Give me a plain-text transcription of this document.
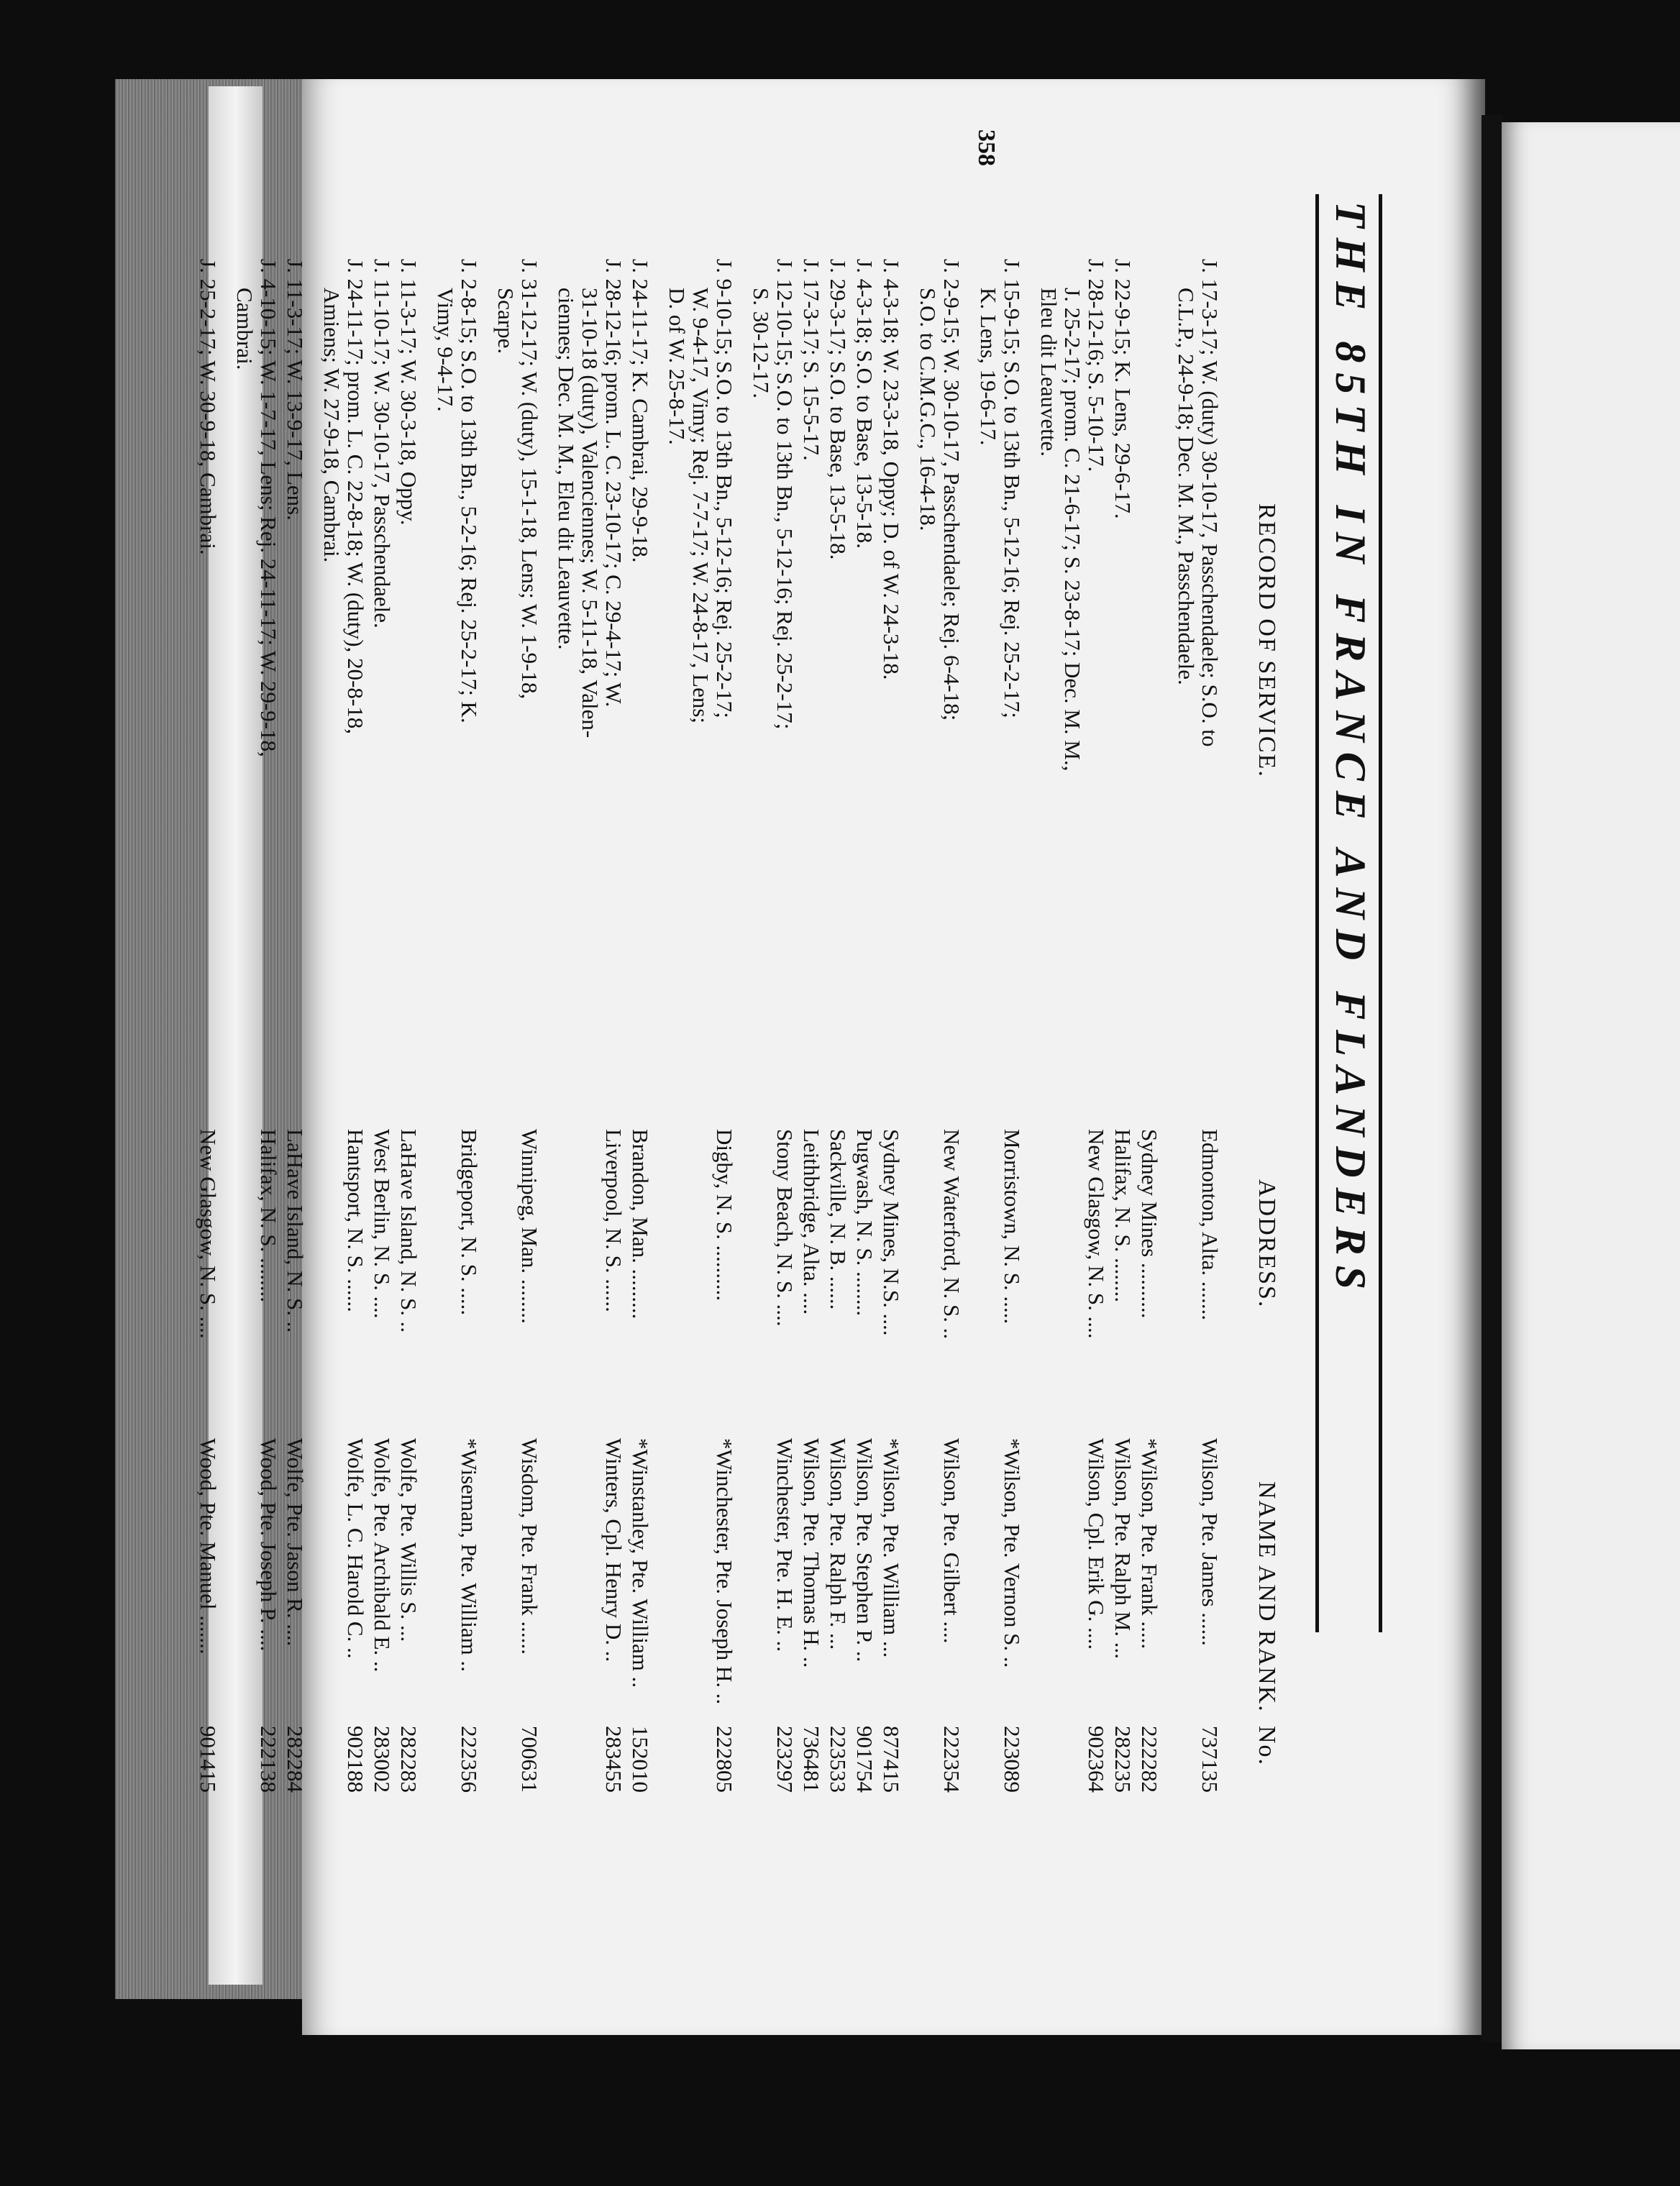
THE 85TH IN FRANCE AND FLANDERS
No.
NAME AND RANK.
ADDRESS.
RECORD OF SERVICE.
737135
Wilson, Pte. James ......
Edmonton, Alta. .......
J. 17-3-17; W. (duty) 30-10-17, Passchendaele; S.O. to
C.L.P., 24-9-18; Dec. M. M., Passchendaele.
222282
*Wilson, Pte. Frank .....
Sydney Mines ..........
282235
Wilson, Pte. Ralph M. ...
Halifax, N. S. ........
J. 22-9-15; K. Lens, 29-6-17.
902364
Wilson, Cpl. Erik G. ....
New Glasgow, N. S. ....
J. 28-12-16; S. 5-10-17.
J. 25-2-17; prom. C. 21-6-17; S. 23-8-17; Dec. M. M.,
Eleu dit Leauvette.
223089
*Wilson, Pte. Vernon S. ..
Morristown, N. S. .....
J. 15-9-15; S.O. to 13th Bn., 5-12-16; Rej. 25-2-17;
K. Lens, 19-6-17.
222354
Wilson, Pte. Gilbert ....
New Waterford, N. S. ..
J. 2-9-15; W. 30-10-17, Passchendaele; Rej. 6-4-18;
S.O. to C.M.G.C., 16-4-18.
877415
*Wilson, Pte. William ...
Sydney Mines, N.S. ....
J. 4-3-18; W. 23-3-18, Oppy; D. of W. 24-3-18.
901754
Wilson, Pte. Stephen P. ..
Pugwash, N. S. ........
J. 4-3-18; S.O. to Base, 13-5-18.
223533
Wilson, Pte. Ralph F. ...
Sackville, N. B. ......
J. 29-3-17; S.O. to Base, 13-5-18.
736481
Wilson, Pte. Thomas H. ..
Leithbridge, Alta. ....
J. 17-3-17; S. 15-5-17.
223297
Winchester, Pte. H. E. ..
Stony Beach, N. S. ....
J. 12-10-15; S.O. to 13th Bn., 5-12-16; Rej. 25-2-17;
S. 30-12-17.
222805
*Winchester, Pte. Joseph H. ..
Digby, N. S. ..........
J. 9-10-15; S.O. to 13th Bn., 5-12-16; Rej. 25-2-17;
W. 9-4-17, Vimy; Rej. 7-7-17; W. 24-8-17, Lens;
D. of W. 25-8-17.
152010
*Winstanley, Pte. William ..
Brandon, Man. .........
J. 24-11-17; K. Cambrai, 29-9-18.
283455
Winters, Cpl. Henry D. ..
Liverpool, N. S. ......
J. 28-12-16; prom. L. C. 23-10-17; C. 29-4-17; W.
31-10-18 (duty), Valenciennes; W. 5-11-18, Valen-
ciennes; Dec. M. M., Eleu dit Leauvette.
700631
Wisdom, Pte. Frank ......
Winnipeg, Man. ........
J. 31-12-17; W. (duty), 15-1-18, Lens; W. 1-9-18,
Scarpe.
222356
*Wiseman, Pte. William ..
Bridgeport, N. S. .....
J. 2-8-15; S.O. to 13th Bn., 5-2-16; Rej. 25-2-17; K.
Vimy, 9-4-17.
282283
Wolfe, Pte. Willis S. ...
LaHave Island, N. S. ..
J. 11-3-17; W. 30-3-18, Oppy.
283002
Wolfe, Pte. Archibald E. ..
West Berlin, N. S. ....
J. 11-10-17; W. 30-10-17, Passchendaele.
902188
Wolfe, L. C. Harold C. ..
Hantsport, N. S. ......
J. 24-11-17; prom. L. C. 22-8-18; W. (duty), 20-8-18,
Amiens; W. 27-9-18, Cambrai.
282284
Wolfe, Pte. Jason R. ....
LaHave Island, N. S. ..
J. 11-3-17; W. 13-9-17, Lens.
222138
Wood, Pte. Joseph P. ....
Halifax, N. S. ........
J. 4-10-15; W. 1-7-17, Lens; Rej. 24-11-17; W. 29-9-18,
Cambrai.
901415
Wood, Pte. Manuel .......
New Glasgow, N. S. ....
J. 25-2-17; W. 30-9-18, Cambrai.
358
